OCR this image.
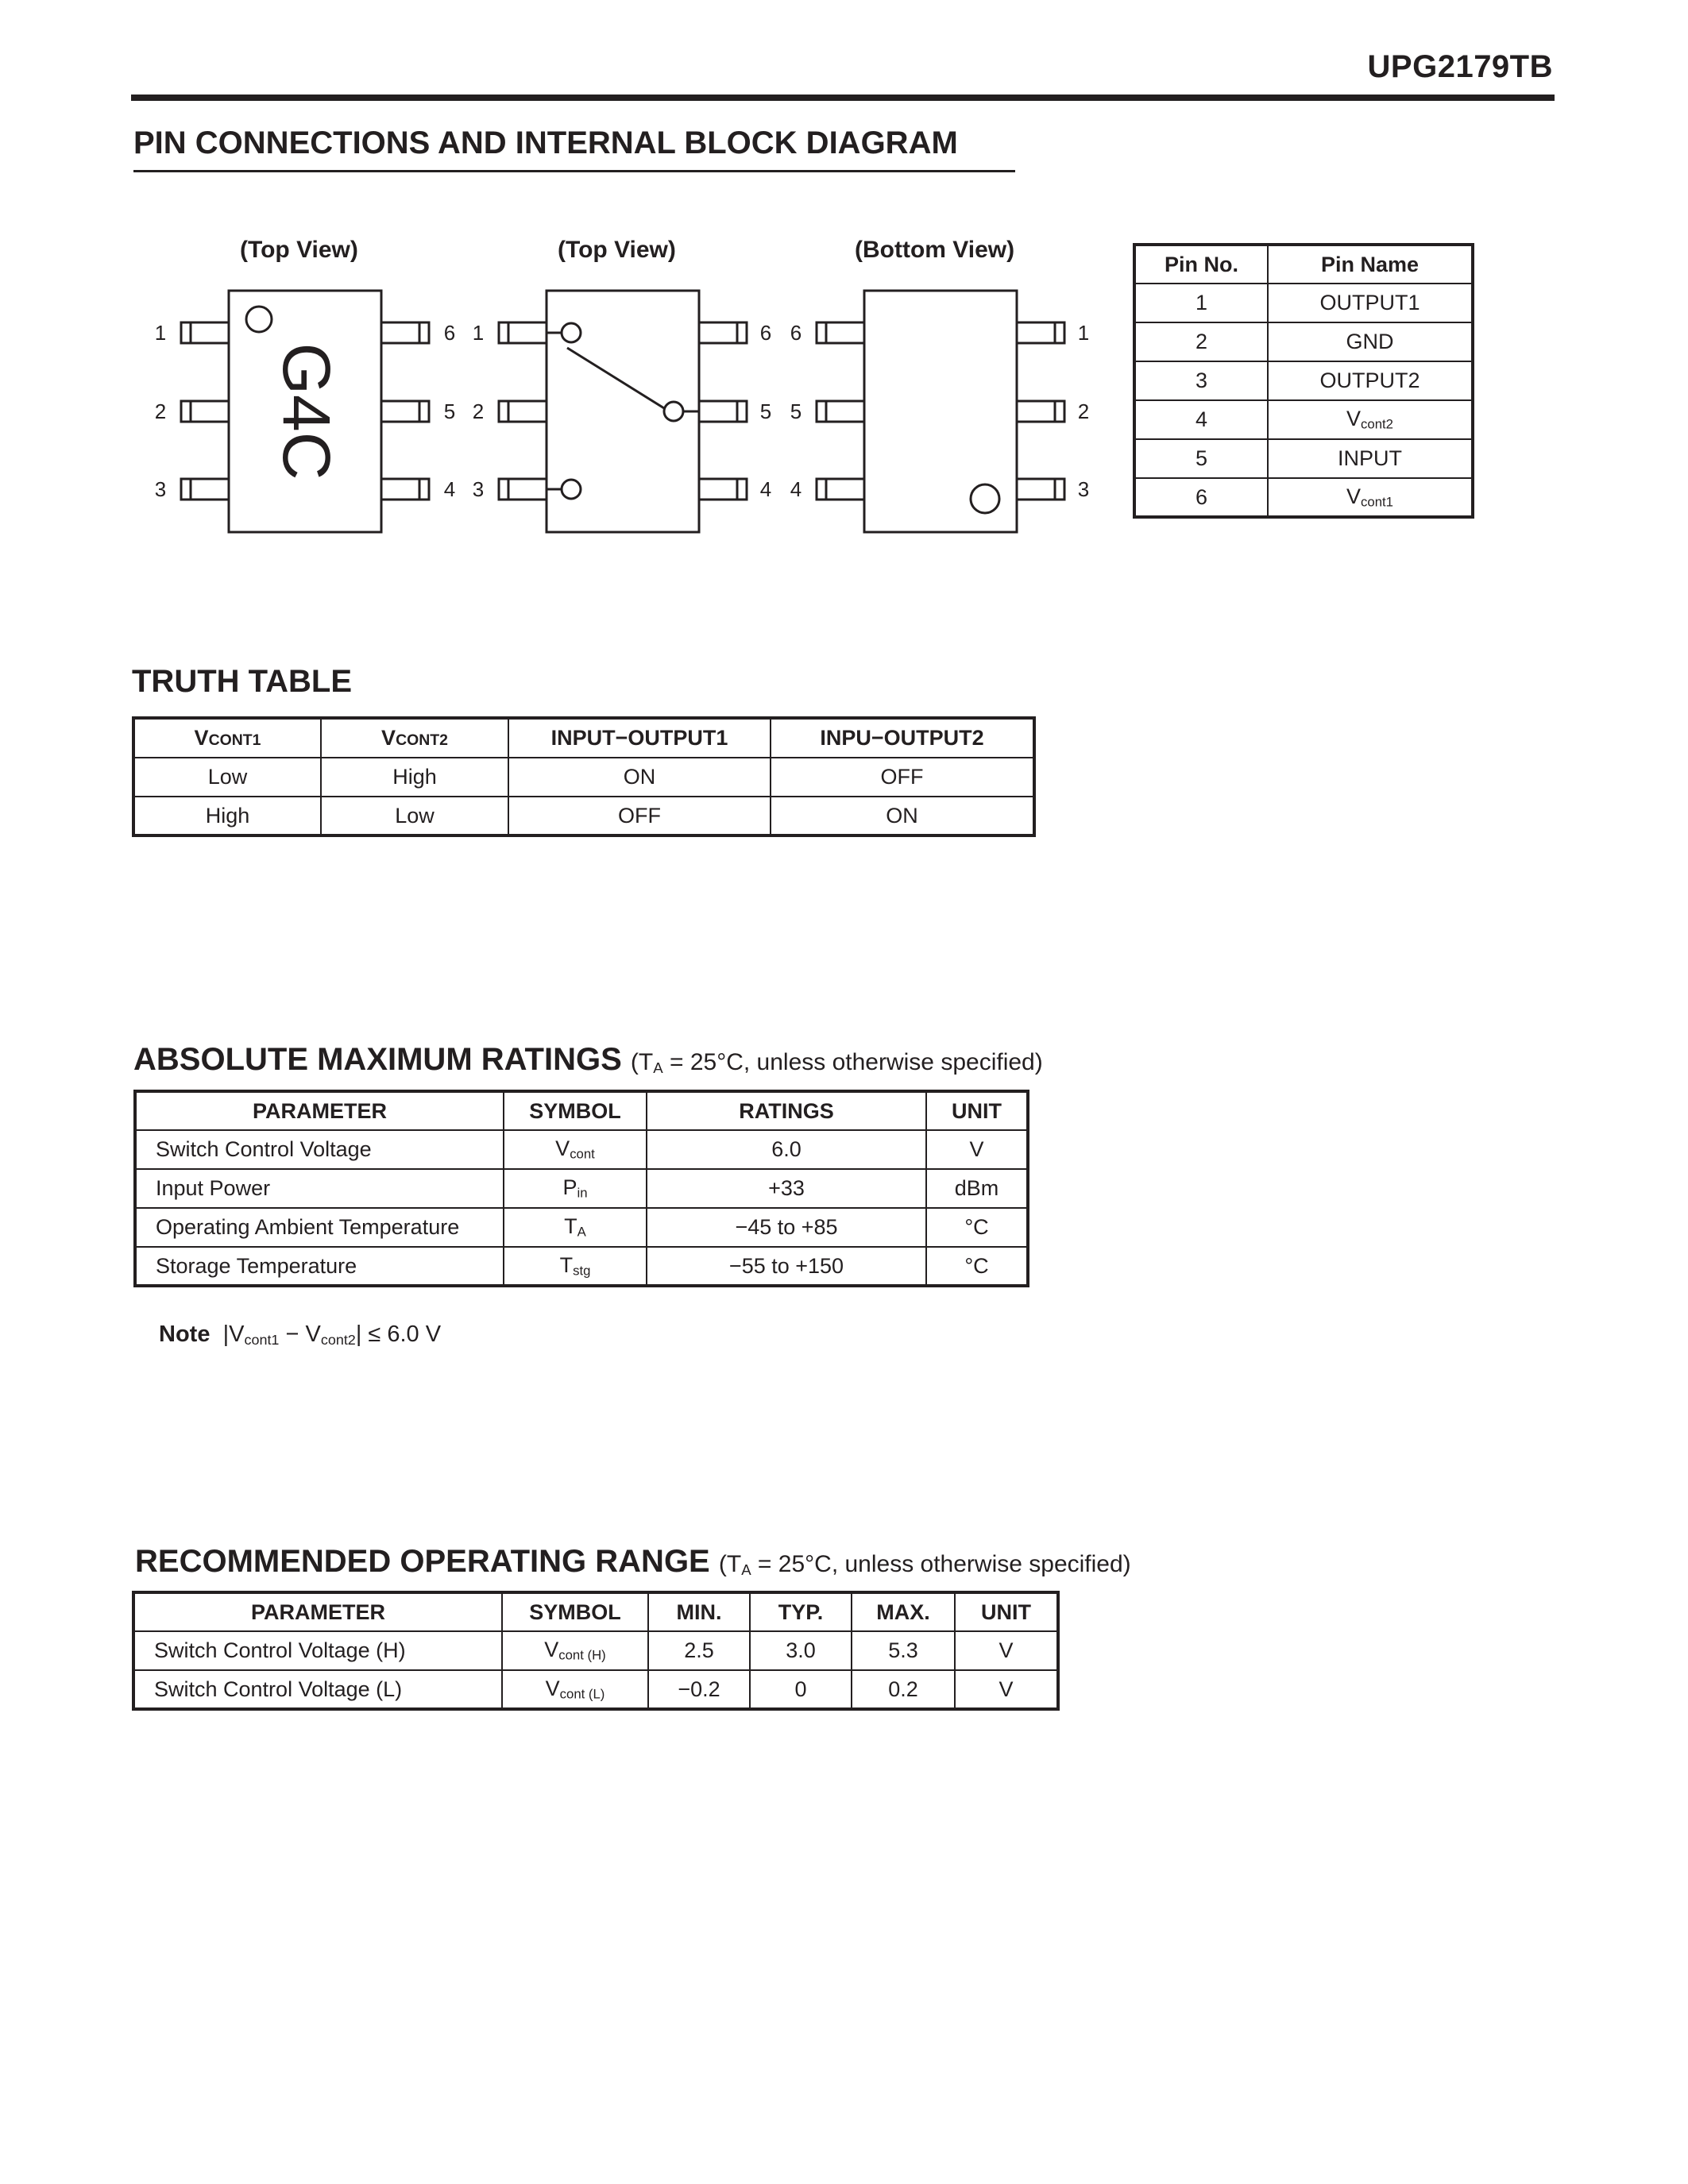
UPG2179TB
PIN CONNECTIONS AND INTERNAL BLOCK DIAGRAM
(Top View)	(Top View)	(Bottom View)
G4C
1
2
3
6
5
4
1
2
3
6
5
4
6
5
4
1
2
3
Pin No.	Pin Name
1	OUTPUT1
2	GND
3	OUTPUT2
4	$V_{cont2}$
5	INPUT
6	$V_{cont1}$
TRUTH TABLE
VCONT1	VCONT2	INPUT−OUTPUT1	INPU−OUTPUT2
Low	High	ON	OFF
High	Low	OFF	ON
ABSOLUTE MAXIMUM RATINGS ($T_A = 25^\circ C$, unless otherwise specified)
PARAMETER	SYMBOL	RATINGS	UNIT
Switch Control Voltage	$V_{cont}$	6.0	V
Input Power	$P_{in}$	+33	dBm
Operating Ambient Temperature	$T_A$	−45 to +85	°C
Storage Temperature	$T_{stg}$	−55 to +150	°C
Note $|V_{cont1} - V_{cont2}| \le 6.0$ V
RECOMMENDED OPERATING RANGE ($T_A = 25^\circ C$, unless otherwise specified)
PARAMETER	SYMBOL	MIN.	TYP.	MAX.	UNIT
Switch Control Voltage (H)	$V_{cont (H)}$	2.5	3.0	5.3	V
Switch Control Voltage (L)	$V_{cont (L)}$	−0.2	0	0.2	V
